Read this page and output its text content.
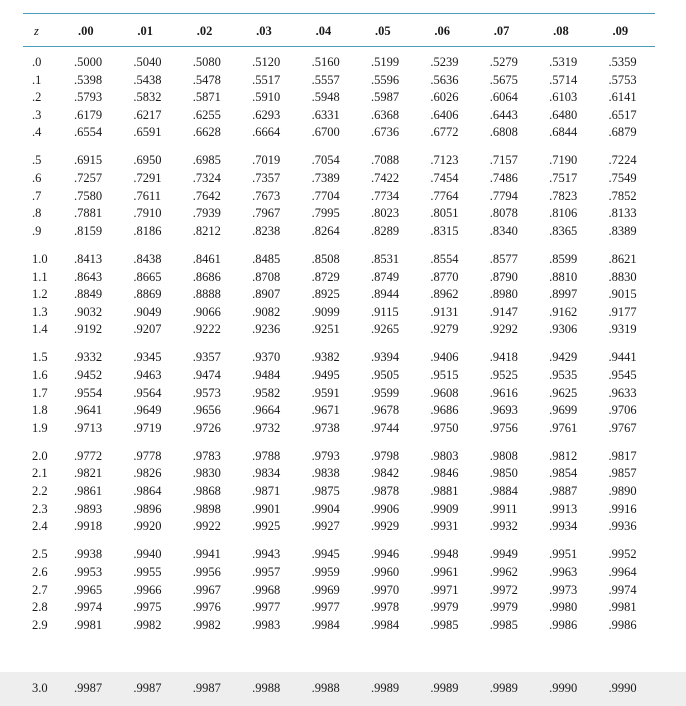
z	.00	.01	.02	.03	.04	.05	.06	.07	.08	.09

.0	.5000	.5040	.5080	.5120	.5160	.5199	.5239	.5279	.5319	.5359
.1	.5398	.5438	.5478	.5517	.5557	.5596	.5636	.5675	.5714	.5753
.2	.5793	.5832	.5871	.5910	.5948	.5987	.6026	.6064	.6103	.6141
.3	.6179	.6217	.6255	.6293	.6331	.6368	.6406	.6443	.6480	.6517
.4	.6554	.6591	.6628	.6664	.6700	.6736	.6772	.6808	.6844	.6879

.5	.6915	.6950	.6985	.7019	.7054	.7088	.7123	.7157	.7190	.7224
.6	.7257	.7291	.7324	.7357	.7389	.7422	.7454	.7486	.7517	.7549
.7	.7580	.7611	.7642	.7673	.7704	.7734	.7764	.7794	.7823	.7852
.8	.7881	.7910	.7939	.7967	.7995	.8023	.8051	.8078	.8106	.8133
.9	.8159	.8186	.8212	.8238	.8264	.8289	.8315	.8340	.8365	.8389

1.0	.8413	.8438	.8461	.8485	.8508	.8531	.8554	.8577	.8599	.8621
1.1	.8643	.8665	.8686	.8708	.8729	.8749	.8770	.8790	.8810	.8830
1.2	.8849	.8869	.8888	.8907	.8925	.8944	.8962	.8980	.8997	.9015
1.3	.9032	.9049	.9066	.9082	.9099	.9115	.9131	.9147	.9162	.9177
1.4	.9192	.9207	.9222	.9236	.9251	.9265	.9279	.9292	.9306	.9319

1.5	.9332	.9345	.9357	.9370	.9382	.9394	.9406	.9418	.9429	.9441
1.6	.9452	.9463	.9474	.9484	.9495	.9505	.9515	.9525	.9535	.9545
1.7	.9554	.9564	.9573	.9582	.9591	.9599	.9608	.9616	.9625	.9633
1.8	.9641	.9649	.9656	.9664	.9671	.9678	.9686	.9693	.9699	.9706
1.9	.9713	.9719	.9726	.9732	.9738	.9744	.9750	.9756	.9761	.9767

2.0	.9772	.9778	.9783	.9788	.9793	.9798	.9803	.9808	.9812	.9817
2.1	.9821	.9826	.9830	.9834	.9838	.9842	.9846	.9850	.9854	.9857
2.2	.9861	.9864	.9868	.9871	.9875	.9878	.9881	.9884	.9887	.9890
2.3	.9893	.9896	.9898	.9901	.9904	.9906	.9909	.9911	.9913	.9916
2.4	.9918	.9920	.9922	.9925	.9927	.9929	.9931	.9932	.9934	.9936

2.5	.9938	.9940	.9941	.9943	.9945	.9946	.9948	.9949	.9951	.9952
2.6	.9953	.9955	.9956	.9957	.9959	.9960	.9961	.9962	.9963	.9964
2.7	.9965	.9966	.9967	.9968	.9969	.9970	.9971	.9972	.9973	.9974
2.8	.9974	.9975	.9976	.9977	.9977	.9978	.9979	.9979	.9980	.9981
2.9	.9981	.9982	.9982	.9983	.9984	.9984	.9985	.9985	.9986	.9986
3.0	.9987	.9987	.9987	.9988	.9988	.9989	.9989	.9989	.9990	.9990
